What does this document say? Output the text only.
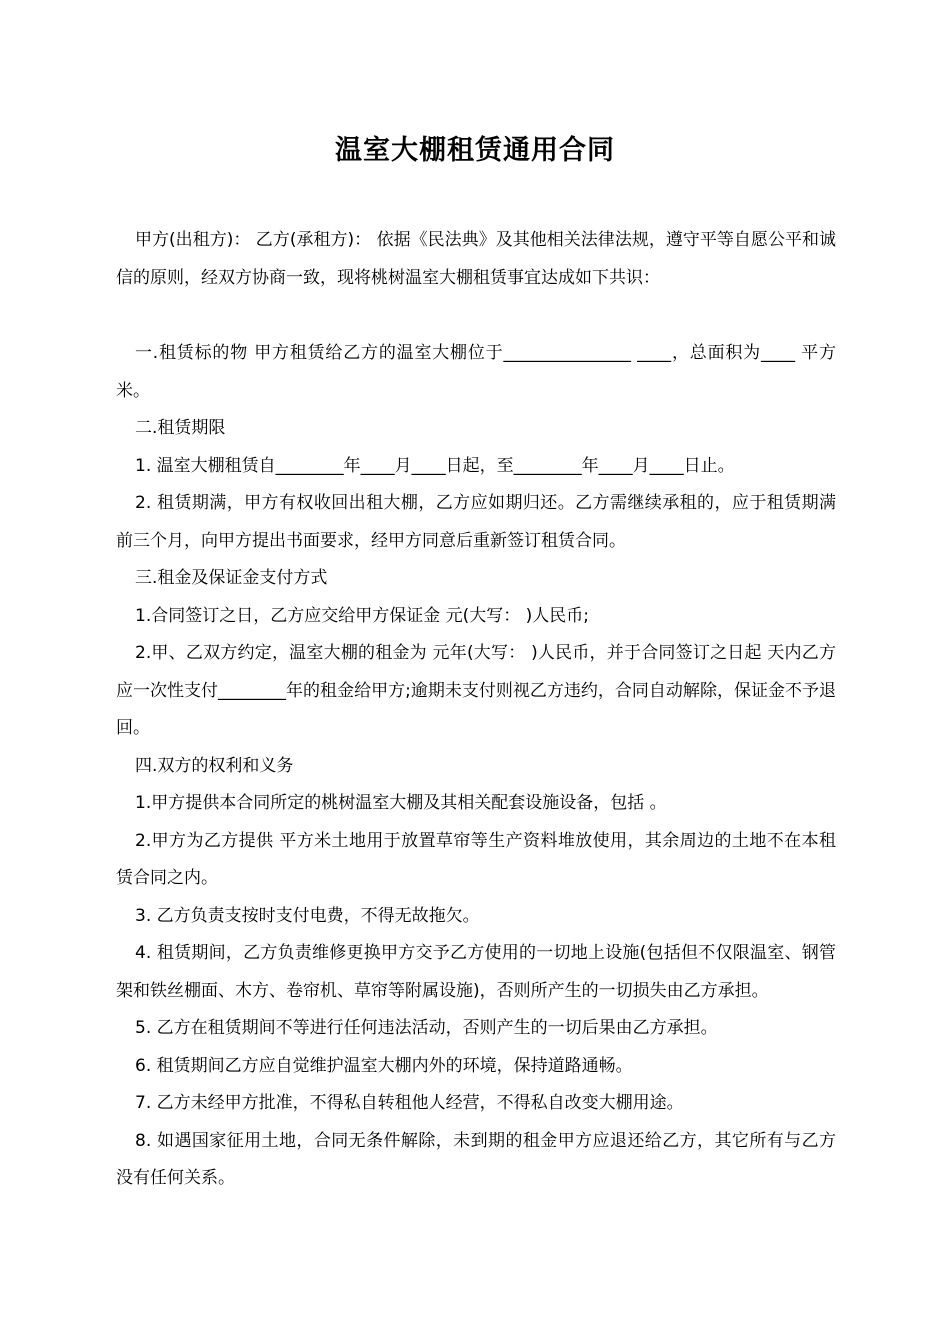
温室大棚租赁通用合同

甲方(出租方)： 乙方(承租方)： 依据《民法典》及其他相关法律法规，遵守平等自愿公平和诚信的原则，经双方协商一致，现将桃树温室大棚租赁事宜达成如下共识：

一.租赁标的物 甲方租赁给乙方的温室大棚位于_______________ ____，总面积为____ 平方米。

二.租赁期限

1. 温室大棚租赁自________年____月____日起，至________年____月____日止。

2. 租赁期满，甲方有权收回出租大棚，乙方应如期归还。乙方需继续承租的，应于租赁期满前三个月，向甲方提出书面要求，经甲方同意后重新签订租赁合同。

三.租金及保证金支付方式

1.合同签订之日，乙方应交给甲方保证金 元(大写： )人民币;

2.甲、乙双方约定，温室大棚的租金为 元年(大写： )人民币，并于合同签订之日起 天内乙方应一次性支付________年的租金给甲方;逾期未支付则视乙方违约，合同自动解除，保证金不予退回。

四.双方的权利和义务

1.甲方提供本合同所定的桃树温室大棚及其相关配套设施设备，包括 。

2.甲方为乙方提供 平方米土地用于放置草帘等生产资料堆放使用，其余周边的土地不在本租赁合同之内。

3. 乙方负责支按时支付电费，不得无故拖欠。

4. 租赁期间，乙方负责维修更换甲方交予乙方使用的一切地上设施(包括但不仅限温室、钢管架和铁丝棚面、木方、卷帘机、草帘等附属设施)，否则所产生的一切损失由乙方承担。

5. 乙方在租赁期间不等进行任何违法活动，否则产生的一切后果由乙方承担。

6. 租赁期间乙方应自觉维护温室大棚内外的环境，保持道路通畅。

7. 乙方未经甲方批准，不得私自转租他人经营，不得私自改变大棚用途。

8. 如遇国家征用土地，合同无条件解除，未到期的租金甲方应退还给乙方，其它所有与乙方没有任何关系。
